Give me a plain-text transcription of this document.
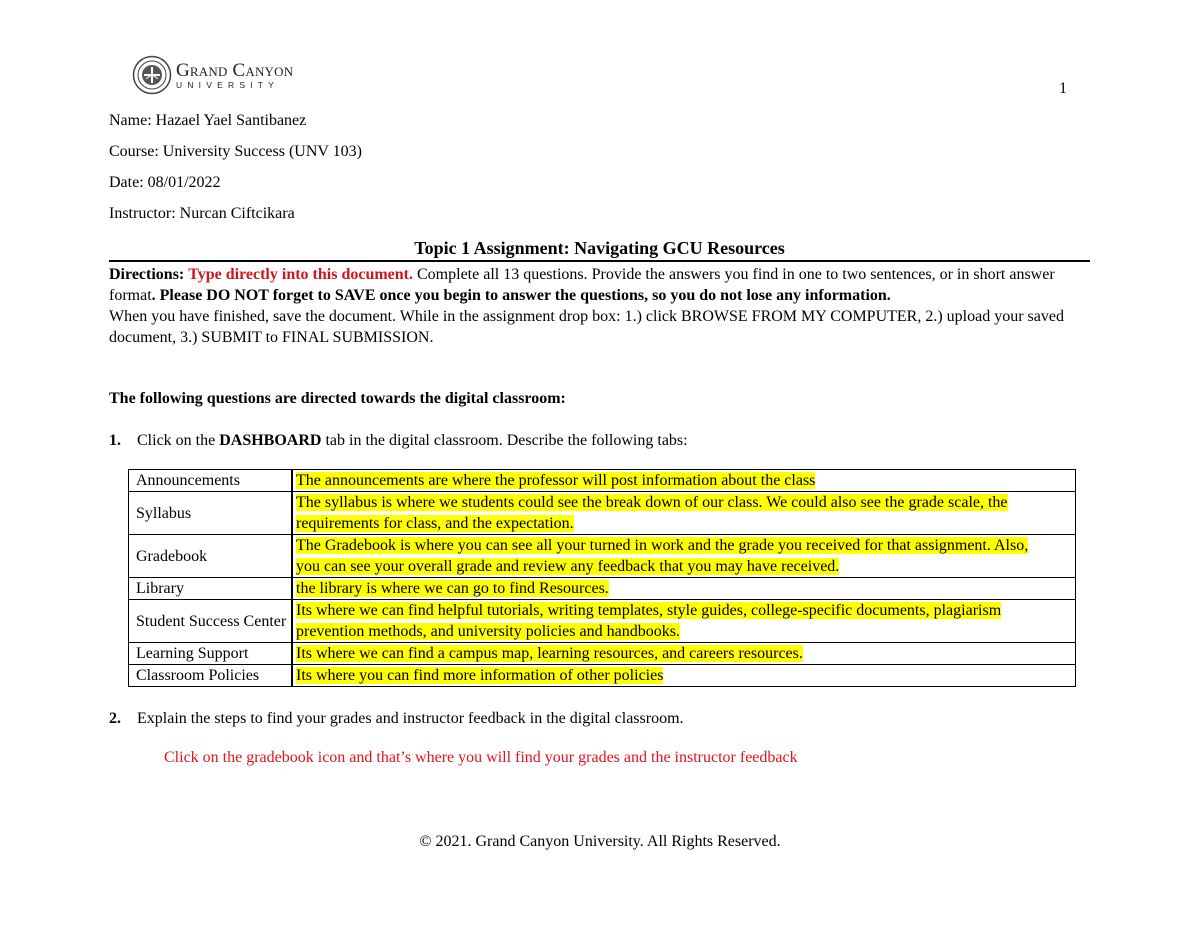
Grand Canyon
UNIVERSITY	1
Name: Hazael Yael Santibanez
Course: University Success (UNV 103)
Date: 08/01/2022
Instructor: Nurcan Ciftcikara
Topic 1 Assignment: Navigating GCU Resources
Directions: Type directly into this document. Complete all 13 questions. Provide the answers you find in one to two sentences, or in short answer format. Please DO NOT forget to SAVE once you begin to answer the questions, so you do not lose any information.
When you have finished, save the document. While in the assignment drop box: 1.) click BROWSE FROM MY COMPUTER, 2.) upload your saved document, 3.) SUBMIT to FINAL SUBMISSION.
The following questions are directed towards the digital classroom:
1. Click on the DASHBOARD tab in the digital classroom. Describe the following tabs:
Announcements	The announcements are where the professor will post information about the class
Syllabus	The syllabus is where we students could see the break down of our class. We could also see the grade scale, the requirements for class, and the expectation.
Gradebook	The Gradebook is where you can see all your turned in work and the grade you received for that assignment. Also, you can see your overall grade and review any feedback that you may have received.
Library	the library is where we can go to find Resources.
Student Success Center	Its where we can find helpful tutorials, writing templates, style guides, college-specific documents, plagiarism prevention methods, and university policies and handbooks.
Learning Support	Its where we can find a campus map, learning resources, and careers resources.
Classroom Policies	Its where you can find more information of other policies
2. Explain the steps to find your grades and instructor feedback in the digital classroom.
Click on the gradebook icon and that’s where you will find your grades and the instructor feedback
© 2021. Grand Canyon University. All Rights Reserved.
